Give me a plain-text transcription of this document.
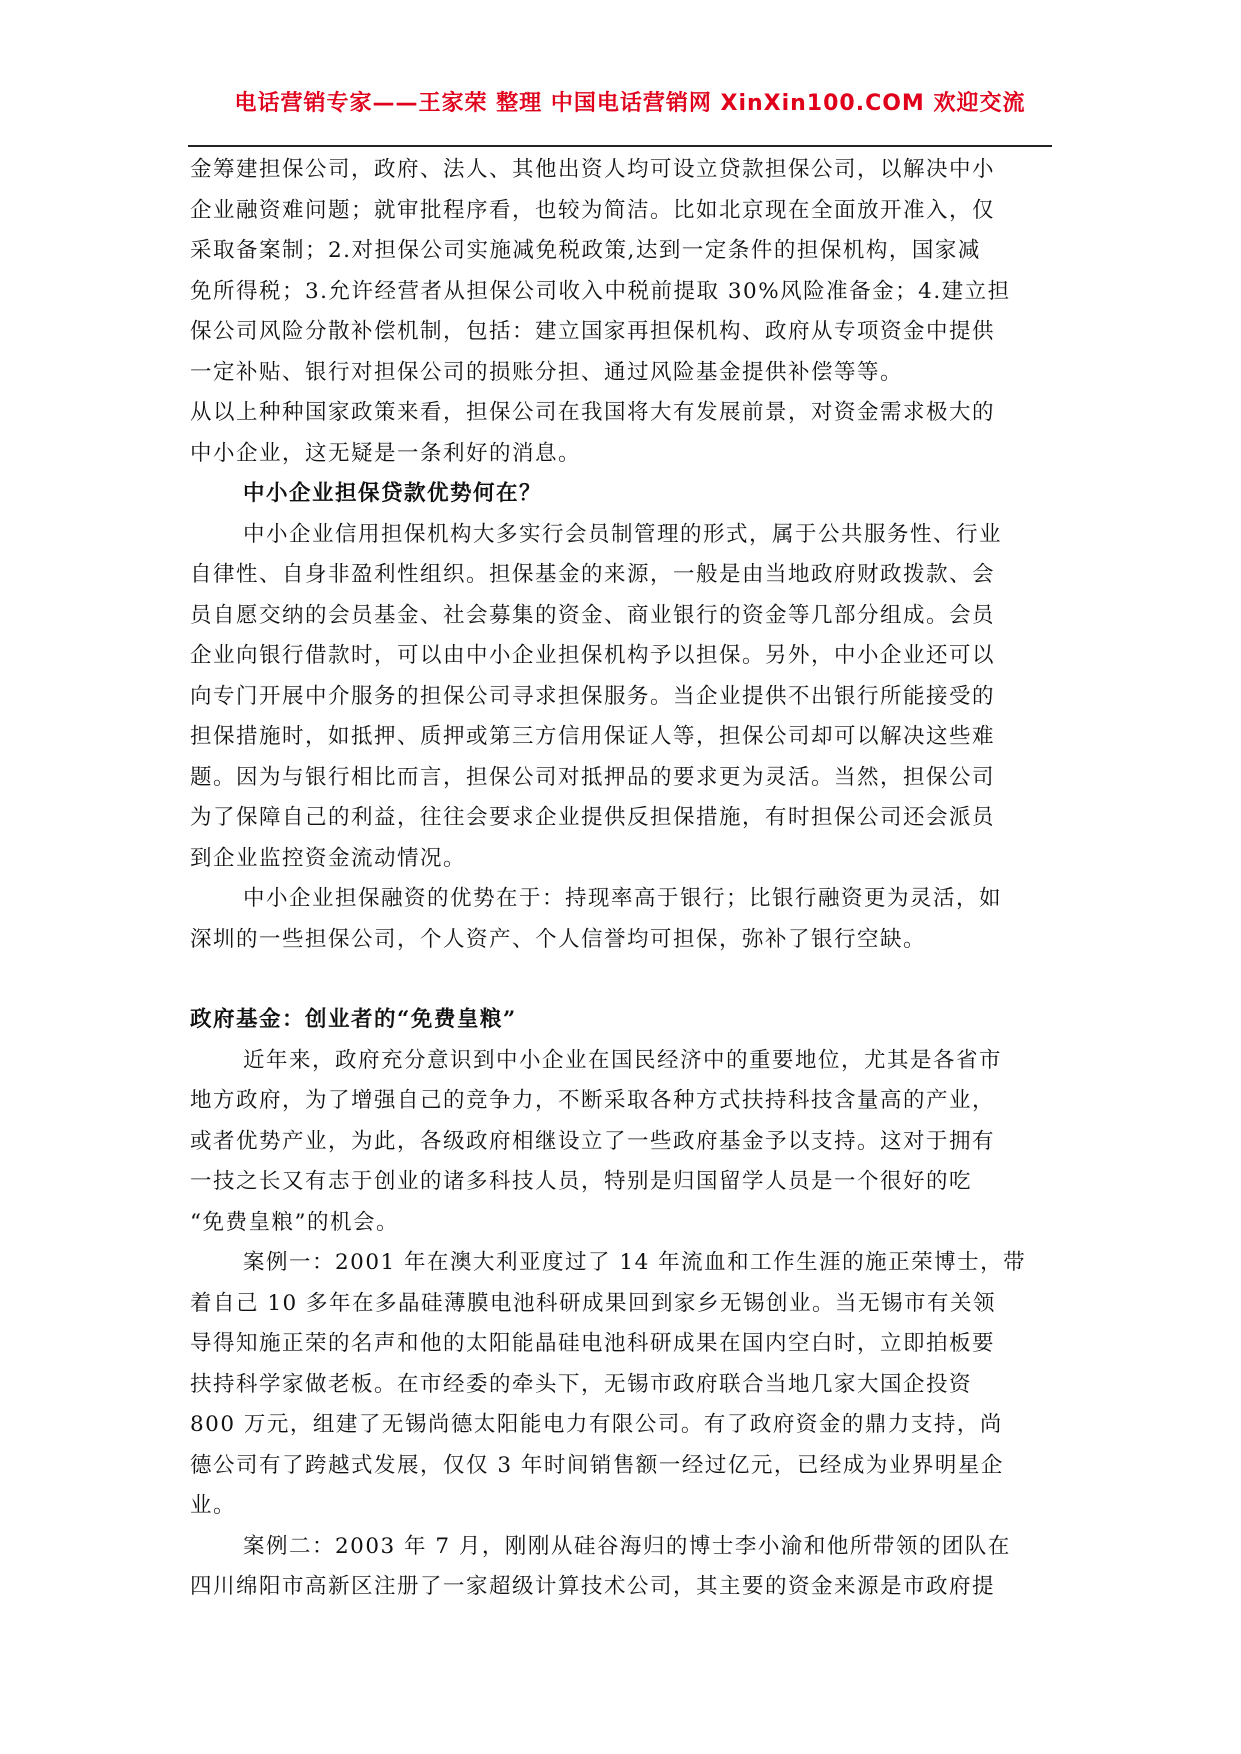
电话营销专家——王家荣 整理 中国电话营销网 XinXin100.COM 欢迎交流
金筹建担保公司，政府、法人、其他出资人均可设立贷款担保公司，以解决中小
企业融资难问题；就审批程序看，也较为简洁。比如北京现在全面放开准入，仅
采取备案制；2.对担保公司实施减免税政策,达到一定条件的担保机构，国家减
免所得税；3.允许经营者从担保公司收入中税前提取 30%风险准备金；4.建立担
保公司风险分散补偿机制，包括：建立国家再担保机构、政府从专项资金中提供
一定补贴、银行对担保公司的损账分担、通过风险基金提供补偿等等。
从以上种种国家政策来看，担保公司在我国将大有发展前景，对资金需求极大的
中小企业，这无疑是一条利好的消息。
中小企业担保贷款优势何在？
中小企业信用担保机构大多实行会员制管理的形式，属于公共服务性、行业
自律性、自身非盈利性组织。担保基金的来源，一般是由当地政府财政拨款、会
员自愿交纳的会员基金、社会募集的资金、商业银行的资金等几部分组成。会员
企业向银行借款时，可以由中小企业担保机构予以担保。另外，中小企业还可以
向专门开展中介服务的担保公司寻求担保服务。当企业提供不出银行所能接受的
担保措施时，如抵押、质押或第三方信用保证人等，担保公司却可以解决这些难
题。因为与银行相比而言，担保公司对抵押品的要求更为灵活。当然，担保公司
为了保障自己的利益，往往会要求企业提供反担保措施，有时担保公司还会派员
到企业监控资金流动情况。
中小企业担保融资的优势在于：持现率高于银行；比银行融资更为灵活，如
深圳的一些担保公司，个人资产、个人信誉均可担保，弥补了银行空缺。
政府基金：创业者的“免费皇粮”
近年来，政府充分意识到中小企业在国民经济中的重要地位，尤其是各省市
地方政府，为了增强自己的竞争力，不断采取各种方式扶持科技含量高的产业，
或者优势产业，为此，各级政府相继设立了一些政府基金予以支持。这对于拥有
一技之长又有志于创业的诸多科技人员，特别是归国留学人员是一个很好的吃
“免费皇粮”的机会。
案例一：2001 年在澳大利亚度过了 14 年流血和工作生涯的施正荣博士，带
着自己 10 多年在多晶硅薄膜电池科研成果回到家乡无锡创业。当无锡市有关领
导得知施正荣的名声和他的太阳能晶硅电池科研成果在国内空白时，立即拍板要
扶持科学家做老板。在市经委的牵头下，无锡市政府联合当地几家大国企投资
800 万元，组建了无锡尚德太阳能电力有限公司。有了政府资金的鼎力支持，尚
德公司有了跨越式发展，仅仅 3 年时间销售额一经过亿元，已经成为业界明星企
业。
案例二：2003 年 7 月，刚刚从硅谷海归的博士李小渝和他所带领的团队在
四川绵阳市高新区注册了一家超级计算技术公司，其主要的资金来源是市政府提
